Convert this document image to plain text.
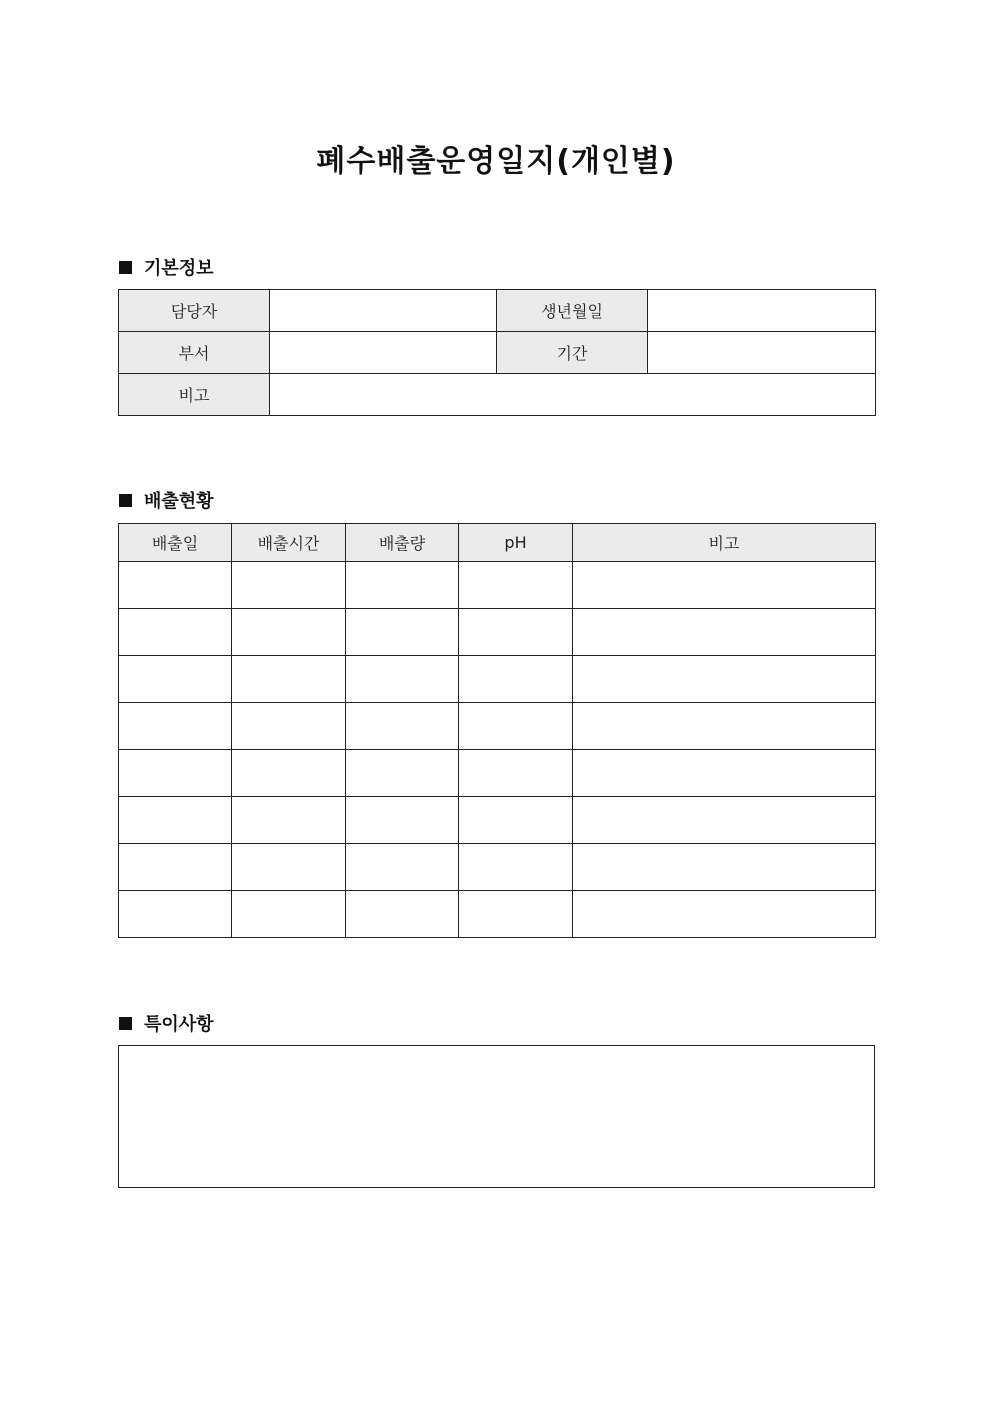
폐수배출운영일지(개인별)
기본정보
담당자		생년월일	
부서		기간	
비고			
배출현황
배출일	배출시간	배출량	pH	비고

특이사항
